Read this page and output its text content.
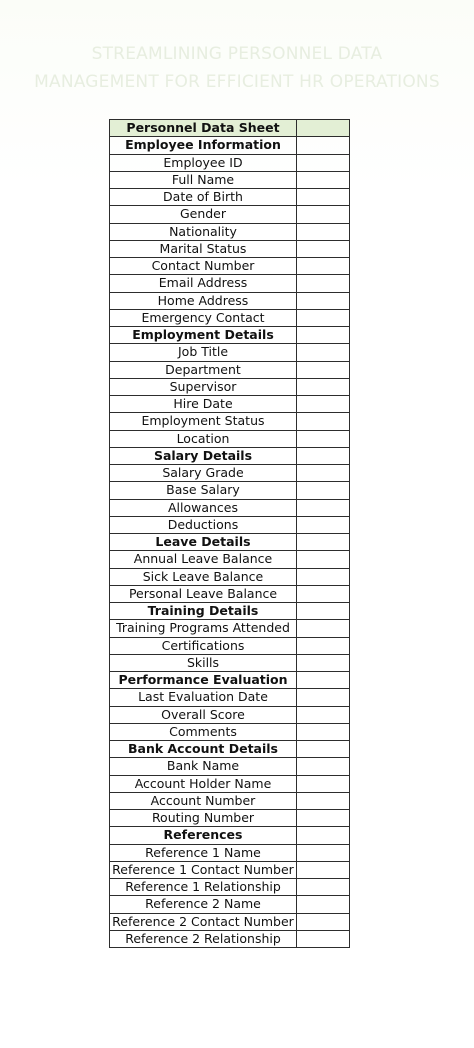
STREAMLINING PERSONNEL DATA
MANAGEMENT FOR EFFICIENT HR OPERATIONS
Personnel Data Sheet	
Employee Information	
Employee ID	
Full Name	
Date of Birth	
Gender	
Nationality	
Marital Status	
Contact Number	
Email Address	
Home Address	
Emergency Contact	
Employment Details	
Job Title	
Department	
Supervisor	
Hire Date	
Employment Status	
Location	
Salary Details	
Salary Grade	
Base Salary	
Allowances	
Deductions	
Leave Details	
Annual Leave Balance	
Sick Leave Balance	
Personal Leave Balance	
Training Details	
Training Programs Attended	
Certifications	
Skills	
Performance Evaluation	
Last Evaluation Date	
Overall Score	
Comments	
Bank Account Details	
Bank Name	
Account Holder Name	
Account Number	
Routing Number	
References	
Reference 1 Name	
Reference 1 Contact Number	
Reference 1 Relationship	
Reference 2 Name	
Reference 2 Contact Number	
Reference 2 Relationship	
